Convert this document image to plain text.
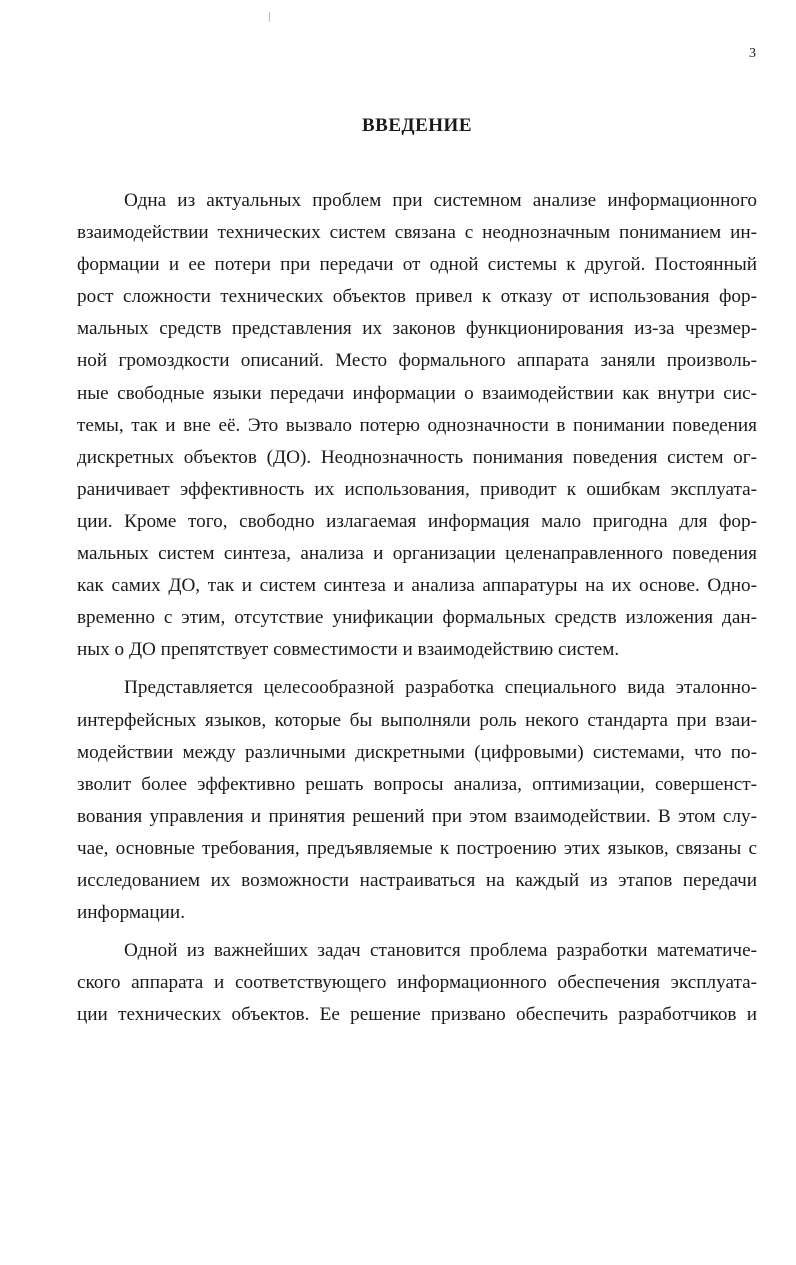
3
ВВЕДЕНИЕ
Одна из актуальных проблем при системном анализе информационного
взаимодействии технических систем связана с неоднозначным пониманием ин-
формации и ее потери при передачи от одной системы к другой. Постоянный
рост сложности технических объектов привел к отказу от использования фор-
мальных средств представления их законов функционирования из-за чрезмер-
ной громоздкости описаний. Место формального аппарата заняли произволь-
ные свободные языки передачи информации о взаимодействии как внутри сис-
темы, так и вне её. Это вызвало потерю однозначности в понимании поведения
дискретных объектов (ДО). Неоднозначность понимания поведения систем ог-
раничивает эффективность их использования, приводит к ошибкам эксплуата-
ции. Кроме того, свободно излагаемая информация мало пригодна для фор-
мальных систем синтеза, анализа и организации целенаправленного поведения
как самих ДО, так и систем синтеза и анализа аппаратуры на их основе. Одно-
временно с этим, отсутствие унификации формальных средств изложения дан-
ных о ДО препятствует совместимости и взаимодействию систем.
Представляется целесообразной разработка специального вида эталонно-
интерфейсных языков, которые бы выполняли роль некого стандарта при взаи-
модействии между различными дискретными (цифровыми) системами, что по-
зволит более эффективно решать вопросы анализа, оптимизации, совершенст-
вования управления и принятия решений при этом взаимодействии. В этом слу-
чае, основные требования, предъявляемые к построению этих языков, связаны с
исследованием их возможности настраиваться на каждый из этапов передачи
информации.
Одной из важнейших задач становится проблема разработки математиче-
ского аппарата и соответствующего информационного обеспечения эксплуата-
ции технических объектов. Ее решение призвано обеспечить разработчиков и
